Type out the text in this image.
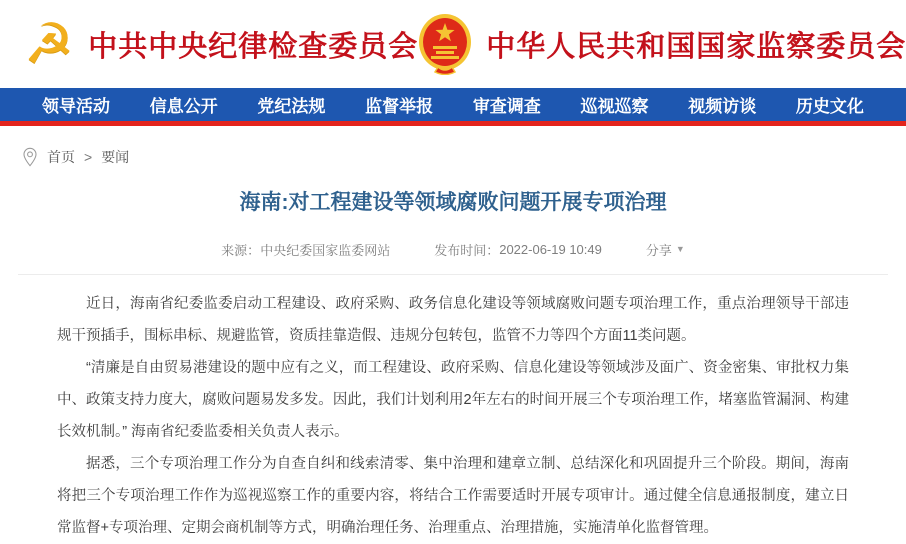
☭ 中共中央纪律检查委员会 中华人民共和国国家监察委员会
领导活动 信息公开 党纪法规 监督举报 审查调查 巡视巡察 视频访谈 历史文化
首页 > 要闻
海南:对工程建设等领域腐败问题开展专项治理
来源： 中央纪委国家监委网站	发布时间： 2022-06-19 10:49	分享 ▼

近日，海南省纪委监委启动工程建设、政府采购、政务信息化建设等领域腐败问题专项治理工作，重点治理领导干部违规干预插手，围标串标、规避监管，资质挂靠造假、违规分包转包，监管不力等四个方面11类问题。

“清廉是自由贸易港建设的题中应有之义，而工程建设、政府采购、信息化建设等领域涉及面广、资金密集、审批权力集中、政策支持力度大，腐败问题易发多发。因此，我们计划利用2年左右的时间开展三个专项治理工作，堵塞监管漏洞、构建长效机制。” 海南省纪委监委相关负责人表示。

据悉，三个专项治理工作分为自查自纠和线索清零、集中治理和建章立制、总结深化和巩固提升三个阶段。期间，海南将把三个专项治理工作作为巡视巡察工作的重要内容，将结合工作需要适时开展专项审计。通过健全信息通报制度，建立日常监督+专项治理、定期会商机制等方式，明确治理任务、治理重点、治理措施，实施清单化监督管理。
